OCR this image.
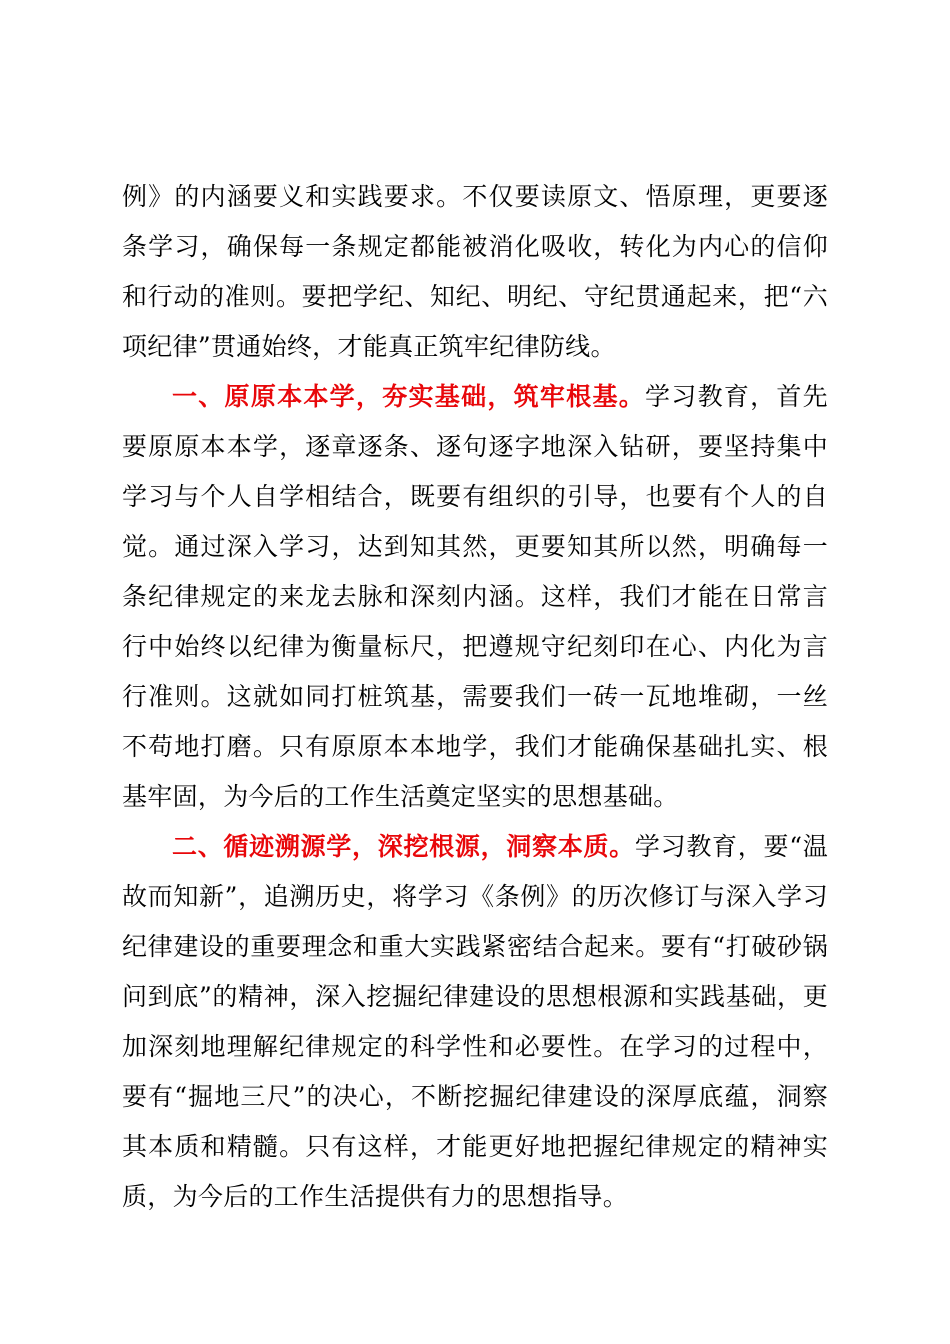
例》的内涵要义和实践要求。不仅要读原文、悟原理，更要逐条学习，确保每一条规定都能被消化吸收，转化为内心的信仰和行动的准则。要把学纪、知纪、明纪、守纪贯通起来，把“六项纪律”贯通始终，才能真正筑牢纪律防线。

一、原原本本学，夯实基础，筑牢根基。学习教育，首先要原原本本学，逐章逐条、逐句逐字地深入钻研，要坚持集中学习与个人自学相结合，既要有组织的引导，也要有个人的自觉。通过深入学习，达到知其然，更要知其所以然，明确每一条纪律规定的来龙去脉和深刻内涵。这样，我们才能在日常言行中始终以纪律为衡量标尺，把遵规守纪刻印在心、内化为言行准则。这就如同打桩筑基，需要我们一砖一瓦地堆砌，一丝不苟地打磨。只有原原本本地学，我们才能确保基础扎实、根基牢固，为今后的工作生活奠定坚实的思想基础。

二、循迹溯源学，深挖根源，洞察本质。学习教育，要“温故而知新”，追溯历史，将学习《条例》的历次修订与深入学习纪律建设的重要理念和重大实践紧密结合起来。要有“打破砂锅问到底”的精神，深入挖掘纪律建设的思想根源和实践基础，更加深刻地理解纪律规定的科学性和必要性。在学习的过程中，要有“掘地三尺”的决心，不断挖掘纪律建设的深厚底蕴，洞察其本质和精髓。只有这样，才能更好地把握纪律规定的精神实质，为今后的工作生活提供有力的思想指导。
